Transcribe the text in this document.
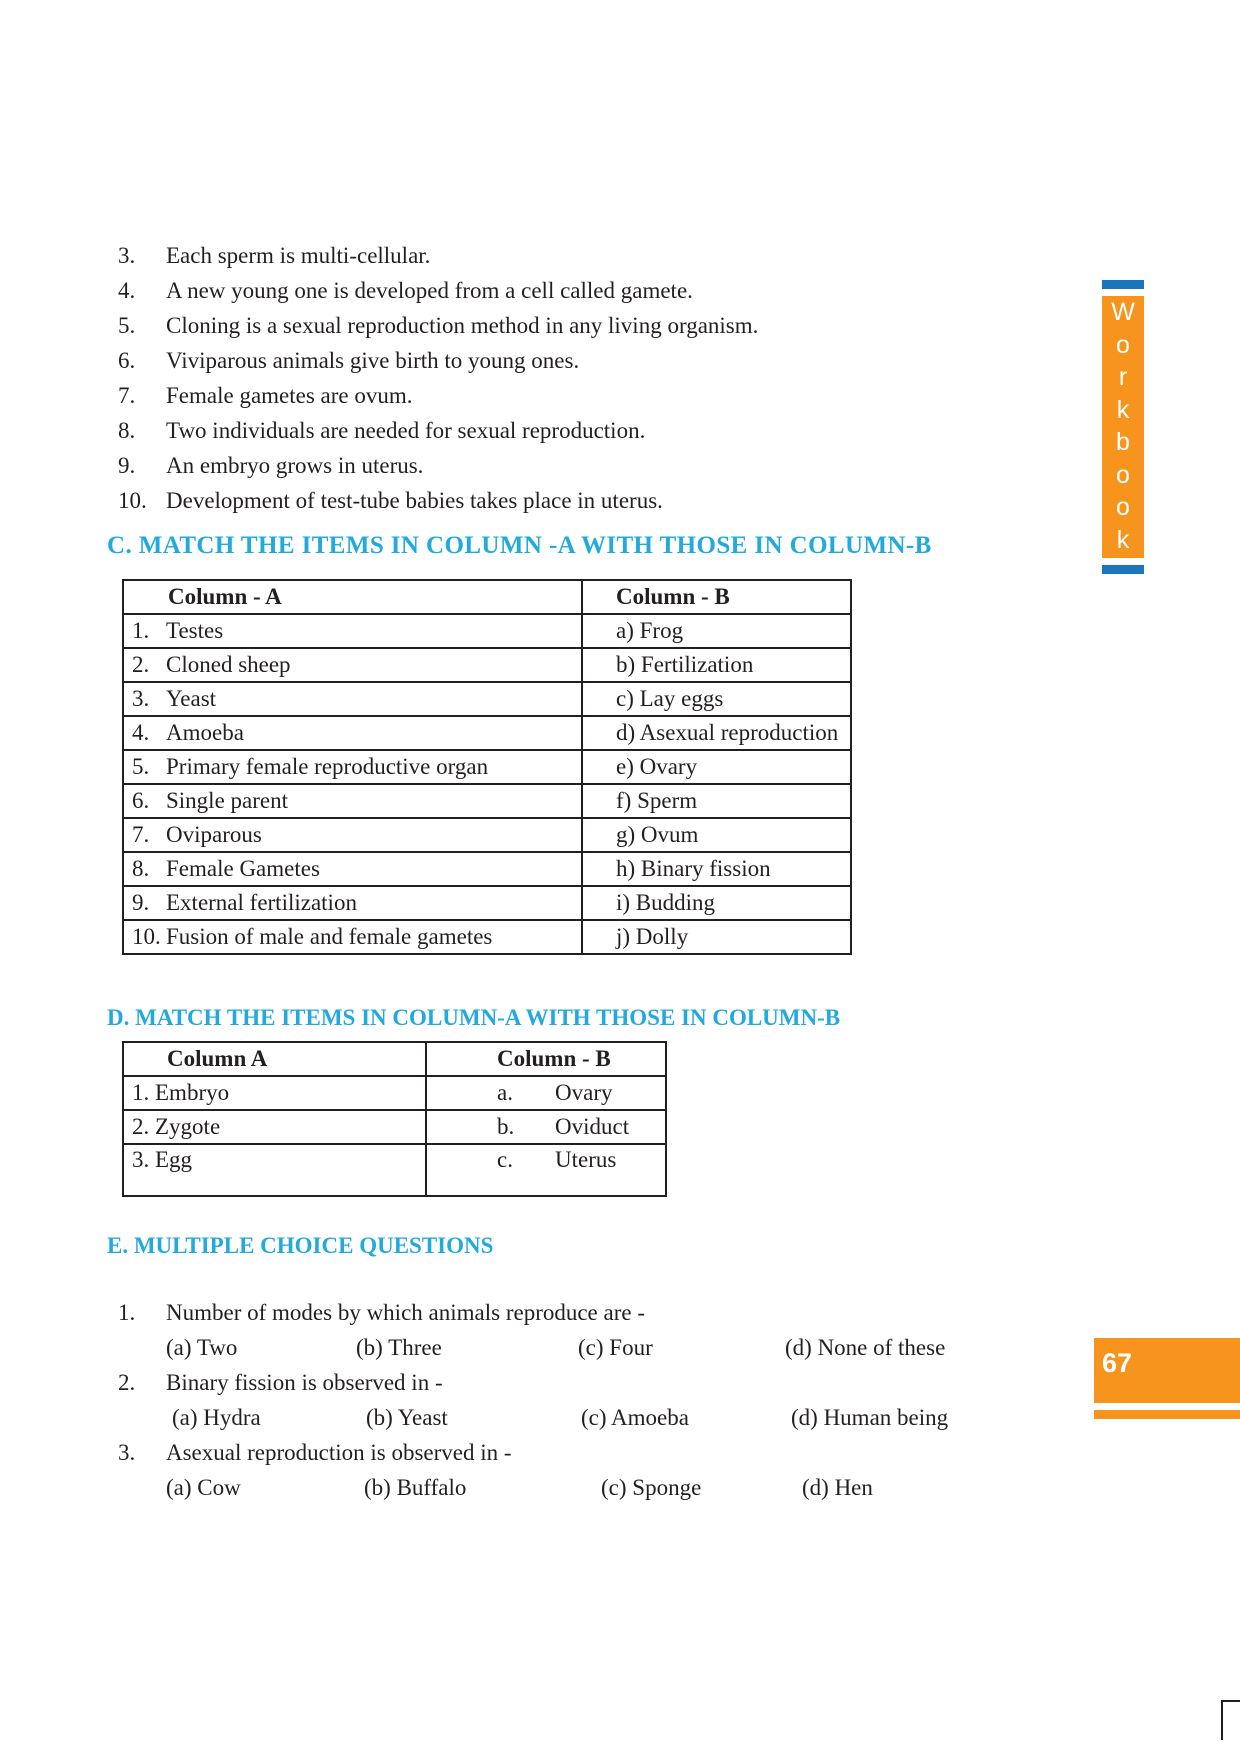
3.	Each sperm is multi-cellular.
4.	A new young one is developed from a cell called gamete.
5.	Cloning is a sexual reproduction method in any living organism.
6.	Viviparous animals give birth to young ones.
7.	Female gametes are ovum.
8.	Two individuals are needed for sexual reproduction.
9.	An embryo grows in uterus.
10. Development of test-tube babies takes place in uterus.
C. MATCH THE ITEMS IN COLUMN -A WITH THOSE IN COLUMN-B
Column - A	Column - B
1. Testes	a) Frog
2. Cloned sheep	b) Fertilization
3. Yeast	c) Lay eggs
4. Amoeba	d) Asexual reproduction
5. Primary female reproductive organ	e) Ovary
6. Single parent	f) Sperm
7. Oviparous	g) Ovum
8. Female Gametes	h) Binary fission
9. External fertilization	i) Budding
10. Fusion of male and female gametes	j) Dolly
D. MATCH THE ITEMS IN COLUMN-A WITH THOSE IN COLUMN-B
Column A	Column - B
1. Embryo	a. Ovary
2. Zygote	b. Oviduct
3. Egg	c. Uterus
E. MULTIPLE CHOICE QUESTIONS
1.	Number of modes by which animals reproduce are -
(a) Two	(b) Three	(c) Four	(d) None of these
2.	Binary fission is observed in -
(a) Hydra	(b) Yeast	(c) Amoeba	(d) Human being
3.	Asexual reproduction is observed in -
(a) Cow	(b) Buffalo	(c) Sponge	(d) Hen
W
o
r
k
b
o
o
k
67
